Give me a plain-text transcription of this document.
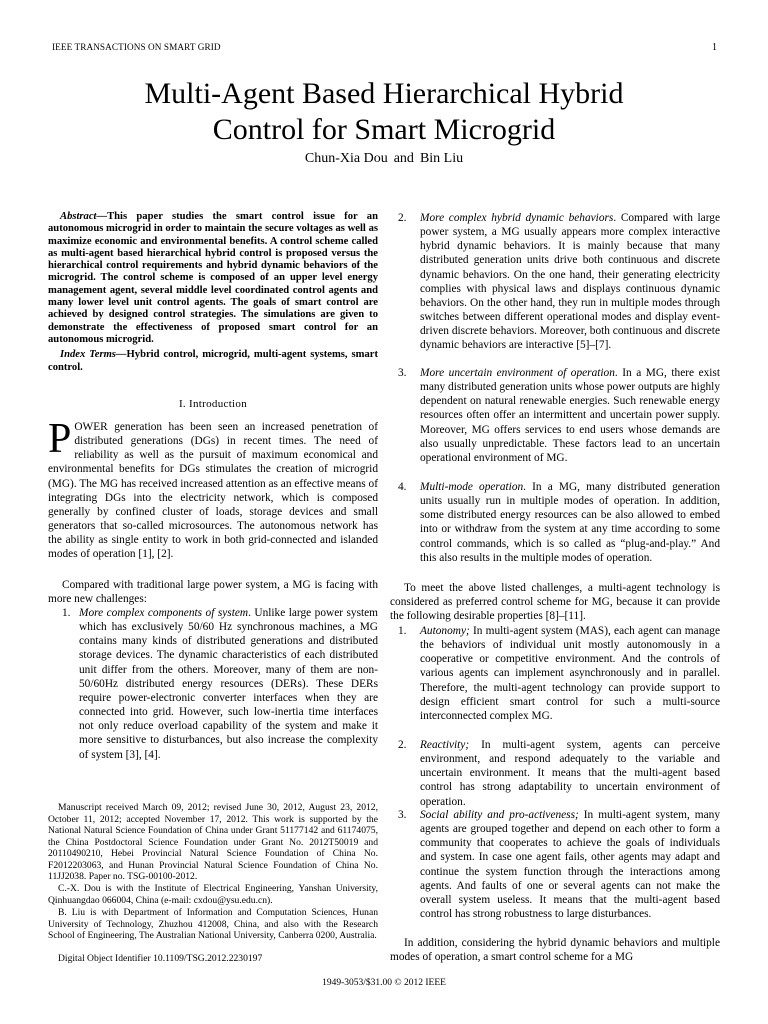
IEEE TRANSACTIONS ON SMART GRID	1
Multi-Agent Based Hierarchical Hybrid
Control for Smart Microgrid
Chun-Xia Dou and Bin Liu
Abstract—This paper studies the smart control issue for an autonomous microgrid in order to maintain the secure voltages as well as maximize economic and environmental benefits. A control scheme called as multi-agent based hierarchical hybrid control is proposed versus the hierarchical control requirements and hybrid dynamic behaviors of the microgrid. The control scheme is composed of an upper level energy management agent, several middle level coordinated control agents and many lower level unit control agents. The goals of smart control are achieved by designed control strategies. The simulations are given to demonstrate the effectiveness of proposed smart control for an autonomous microgrid.
Index Terms—Hybrid control, microgrid, multi-agent systems, smart control.
I. Introduction
POWER generation has been seen an increased penetration of distributed generations (DGs) in recent times. The need of reliability as well as the pursuit of maximum economical and environmental benefits for DGs stimulates the creation of microgrid (MG). The MG has received increased attention as an effective means of integrating DGs into the electricity network, which is composed generally by confined cluster of loads, storage devices and small generators that so-called microsources. The autonomous network has the ability as single entity to work in both grid-connected and islanded modes of operation [1], [2].
Compared with traditional large power system, a MG is facing with more new challenges:
1. More complex components of system. Unlike large power system which has exclusively 50/60 Hz synchronous machines, a MG contains many kinds of distributed generations and distributed storage devices. The dynamic characteristics of each distributed unit differ from the others. Moreover, many of them are non-50/60Hz distributed energy resources (DERs). These DERs require power-electronic converter interfaces when they are connected into grid. However, such low-inertia time interfaces not only reduce overload capability of the system and make it more sensitive to disturbances, but also increase the complexity of system [3], [4].
Manuscript received March 09, 2012; revised June 30, 2012, August 23, 2012, October 11, 2012; accepted November 17, 2012. This work is supported by the National Natural Science Foundation of China under Grant 51177142 and 61174075, the China Postdoctoral Science Foundation under Grant No. 2012T50019 and 20110490210, Hebei Provincial Natural Science Foundation of China No. F2012203063, and Hunan Provincial Natural Science Foundation of China No. 11JJ2038. Paper no. TSG-00100-2012.
C.-X. Dou is with the Institute of Electrical Engineering, Yanshan University, Qinhuangdao 066004, China (e-mail: cxdou@ysu.edu.cn).
B. Liu is with Department of Information and Computation Sciences, Hunan University of Technology, Zhuzhou 412008, China, and also with the Research School of Engineering, The Australian National University, Canberra 0200, Australia.
Digital Object Identifier 10.1109/TSG.2012.2230197
2. More complex hybrid dynamic behaviors. Compared with large power system, a MG usually appears more complex interactive hybrid dynamic behaviors. It is mainly because that many distributed generation units drive both continuous and discrete dynamic behaviors. On the one hand, their generating electricity complies with physical laws and displays continuous dynamic behaviors. On the other hand, they run in multiple modes through switches between different operational modes and display event-driven discrete behaviors. Moreover, both continuous and discrete dynamic behaviors are interactive [5]–[7].
3. More uncertain environment of operation. In a MG, there exist many distributed generation units whose power outputs are highly dependent on natural renewable energies. Such renewable energy resources often offer an intermittent and uncertain power supply. Moreover, MG offers services to end users whose demands are also usually unpredictable. These factors lead to an uncertain operational environment of MG.
4. Multi-mode operation. In a MG, many distributed generation units usually run in multiple modes of operation. In addition, some distributed energy resources can be also allowed to embed into or withdraw from the system at any time according to some control commands, which is so called as “plug-and-play.” And this also results in the multiple modes of operation.
To meet the above listed challenges, a multi-agent technology is considered as preferred control scheme for MG, because it can provide the following desirable properties [8]–[11].
1. Autonomy; In multi-agent system (MAS), each agent can manage the behaviors of individual unit mostly autonomously in a cooperative or competitive environment. And the controls of various agents can implement asynchronously and in parallel. Therefore, the multi-agent technology can provide support to design efficient smart control for such a multi-source interconnected complex MG.
2. Reactivity; In multi-agent system, agents can perceive environment, and respond adequately to the variable and uncertain environment. It means that the multi-agent based control has strong adaptability to uncertain environment of operation.
3. Social ability and pro-activeness; In multi-agent system, many agents are grouped together and depend on each other to form a community that cooperates to achieve the goals of individuals and system. In case one agent fails, other agents may adapt and continue the system function through the interactions among agents. And faults of one or several agents can not make the overall system useless. It means that the multi-agent based control has strong robustness to large disturbances.
In addition, considering the hybrid dynamic behaviors and multiple modes of operation, a smart control scheme for a MG
1949-3053/$31.00 © 2012 IEEE
